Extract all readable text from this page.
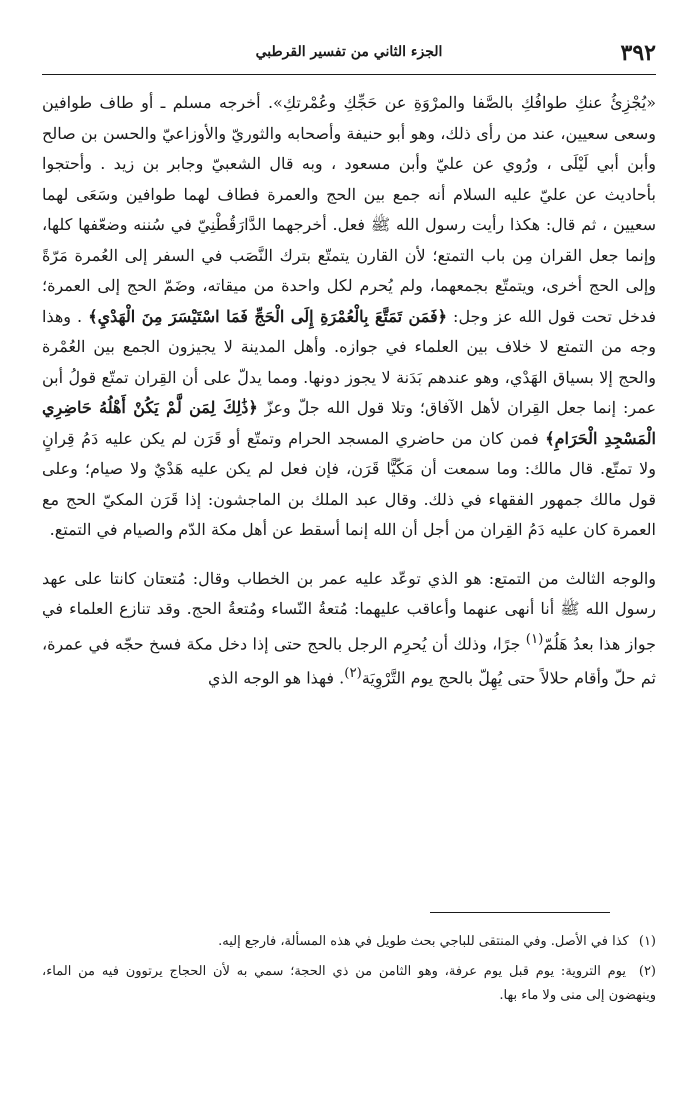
٣٩٢
الجزء الثاني من تفسير القرطبي

«يُجْزِئُ عنكِ طوافُكِ بالصَّفا والمرْوَةِ عن حَجِّكِ وعُمْرتكِ». أخرجه مسلم ـ أو طاف طوافين وسعى سعيين، عند من رأى ذلك، وهو أبو حنيفة وأصحابه والثوريّ والأوزاعيّ والحسن بن صالح وأبن أبي لَيْلَى ، ورُوي عن عليّ وأبن مسعود ، وبه قال الشعبيّ وجابر بن زيد . وأحتجوا بأحاديث عن عليّ عليه السلام أنه جمع بين الحج والعمرة فطاف لهما طوافين وسَعَى لهما سعيين ، ثم قال: هكذا رأيت رسول الله ﷺ فعل. أخرجهما الدَّارَقُطْنِيّ في سُننه وضعّفها كلها، وإنما جعل القران مِن باب التمتع؛ لأن القارن يتمتّع بترك النَّصَب في السفر إلى العُمرة مَرّةً وإلى الحج أخرى، ويتمتّع بجمعهما، ولم يُحرم لكل واحدة من ميقاته، وضَمّ الحج إلى العمرة؛ فدخل تحت قول الله عز وجل: ﴿فَمَن تَمَتَّعَ بِالْعُمْرَةِ إِلَى الْحَجِّ فَمَا اسْتَيْسَرَ مِنَ الْهَدْيِ﴾ . وهذا وجه من التمتع لا خلاف بين العلماء في جوازه. وأهل المدينة لا يجيزون الجمع بين العُمْرة والحج إلا بسياق الهَدْي، وهو عندهم بَدَنة لا يجوز دونها. ومما يدلّ على أن القِران تمتّع قولُ أبن عمر: إنما جعل القِران لأهل الآفاق؛ وتلا قول الله جلّ وعزّ ﴿ذَٰلِكَ لِمَن لَّمْ يَكُنْ أَهْلُهُ حَاضِرِي الْمَسْجِدِ الْحَرَامِ﴾ فمن كان من حاضري المسجد الحرام وتمتّع أو قَرَن لم يكن عليه دَمُ قِرانٍ ولا تمتّع. قال مالك: وما سمعت أن مَكّيًّا قَرَن، فإن فعل لم يكن عليه هَدْيٌ ولا صيام؛ وعلى قول مالك جمهور الفقهاء في ذلك. وقال عبد الملك بن الماجشون: إذا قَرَن المكيّ الحج مع العمرة كان عليه دَمُ القِران من أجل أن الله إنما أسقط عن أهل مكة الدّم والصيام في التمتع.

والوجه الثالث من التمتع: هو الذي توعّد عليه عمر بن الخطاب وقال: مُتعتان كانتا على عهد رسول الله ﷺ أنا أنهى عنهما وأعاقب عليهما: مُتعةُ النّساء ومُتعةُ الحج. وقد تنازع العلماء في جواز هذا بعدُ هَلُمّ$^{(١)}$ جرًا، وذلك أن يُحرِم الرجل بالحج حتى إذا دخل مكة فسخ حجّه في عمرة، ثم حلّ وأقام حلالاً حتى يُهِلّ بالحج يوم التَّرْوِيَة$^{(٢)}$. فهذا هو الوجه الذي

(١) كذا في الأصل. وفي المنتقى للباجي بحث طويل في هذه المسألة، فارجع إليه.

(٢) يوم التروية: يوم قبل يوم عرفة، وهو الثامن من ذي الحجة؛ سمي به لأن الحجاج يرتوون فيه من الماء، وينهضون إلى منى ولا ماء بها.
